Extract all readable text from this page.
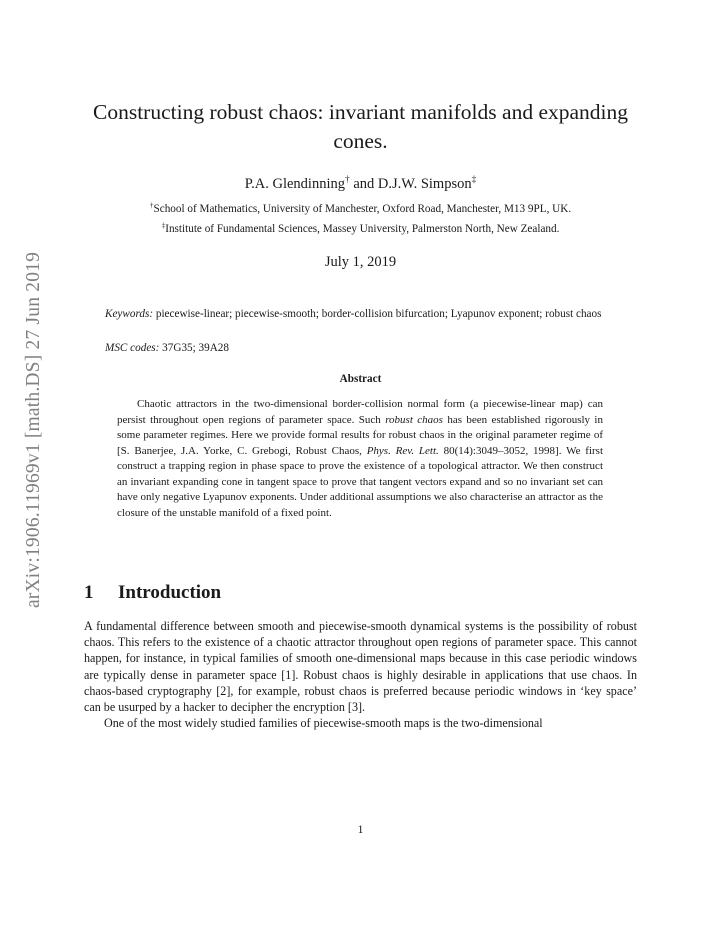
arXiv:1906.11969v1 [math.DS] 27 Jun 2019
Constructing robust chaos: invariant manifolds and expanding cones.
P.A. Glendinning† and D.J.W. Simpson‡
†School of Mathematics, University of Manchester, Oxford Road, Manchester, M13 9PL, UK.
‡Institute of Fundamental Sciences, Massey University, Palmerston North, New Zealand.
July 1, 2019
Keywords: piecewise-linear; piecewise-smooth; border-collision bifurcation; Lyapunov exponent; robust chaos
MSC codes: 37G35; 39A28
Abstract
Chaotic attractors in the two-dimensional border-collision normal form (a piecewise-linear map) can persist throughout open regions of parameter space. Such robust chaos has been established rigorously in some parameter regimes. Here we provide formal results for robust chaos in the original parameter regime of [S. Banerjee, J.A. Yorke, C. Grebogi, Robust Chaos, Phys. Rev. Lett. 80(14):3049–3052, 1998]. We first construct a trapping region in phase space to prove the existence of a topological attractor. We then construct an invariant expanding cone in tangent space to prove that tangent vectors expand and so no invariant set can have only negative Lyapunov exponents. Under additional assumptions we also characterise an attractor as the closure of the unstable manifold of a fixed point.
1 Introduction

A fundamental difference between smooth and piecewise-smooth dynamical systems is the possibility of robust chaos. This refers to the existence of a chaotic attractor throughout open regions of parameter space. This cannot happen, for instance, in typical families of smooth one-dimensional maps because in this case periodic windows are typically dense in parameter space [1]. Robust chaos is highly desirable in applications that use chaos. In chaos-based cryptography [2], for example, robust chaos is preferred because periodic windows in ‘key space’ can be usurped by a hacker to decipher the encryption [3].

One of the most widely studied families of piecewise-smooth maps is the two-dimensional

1
